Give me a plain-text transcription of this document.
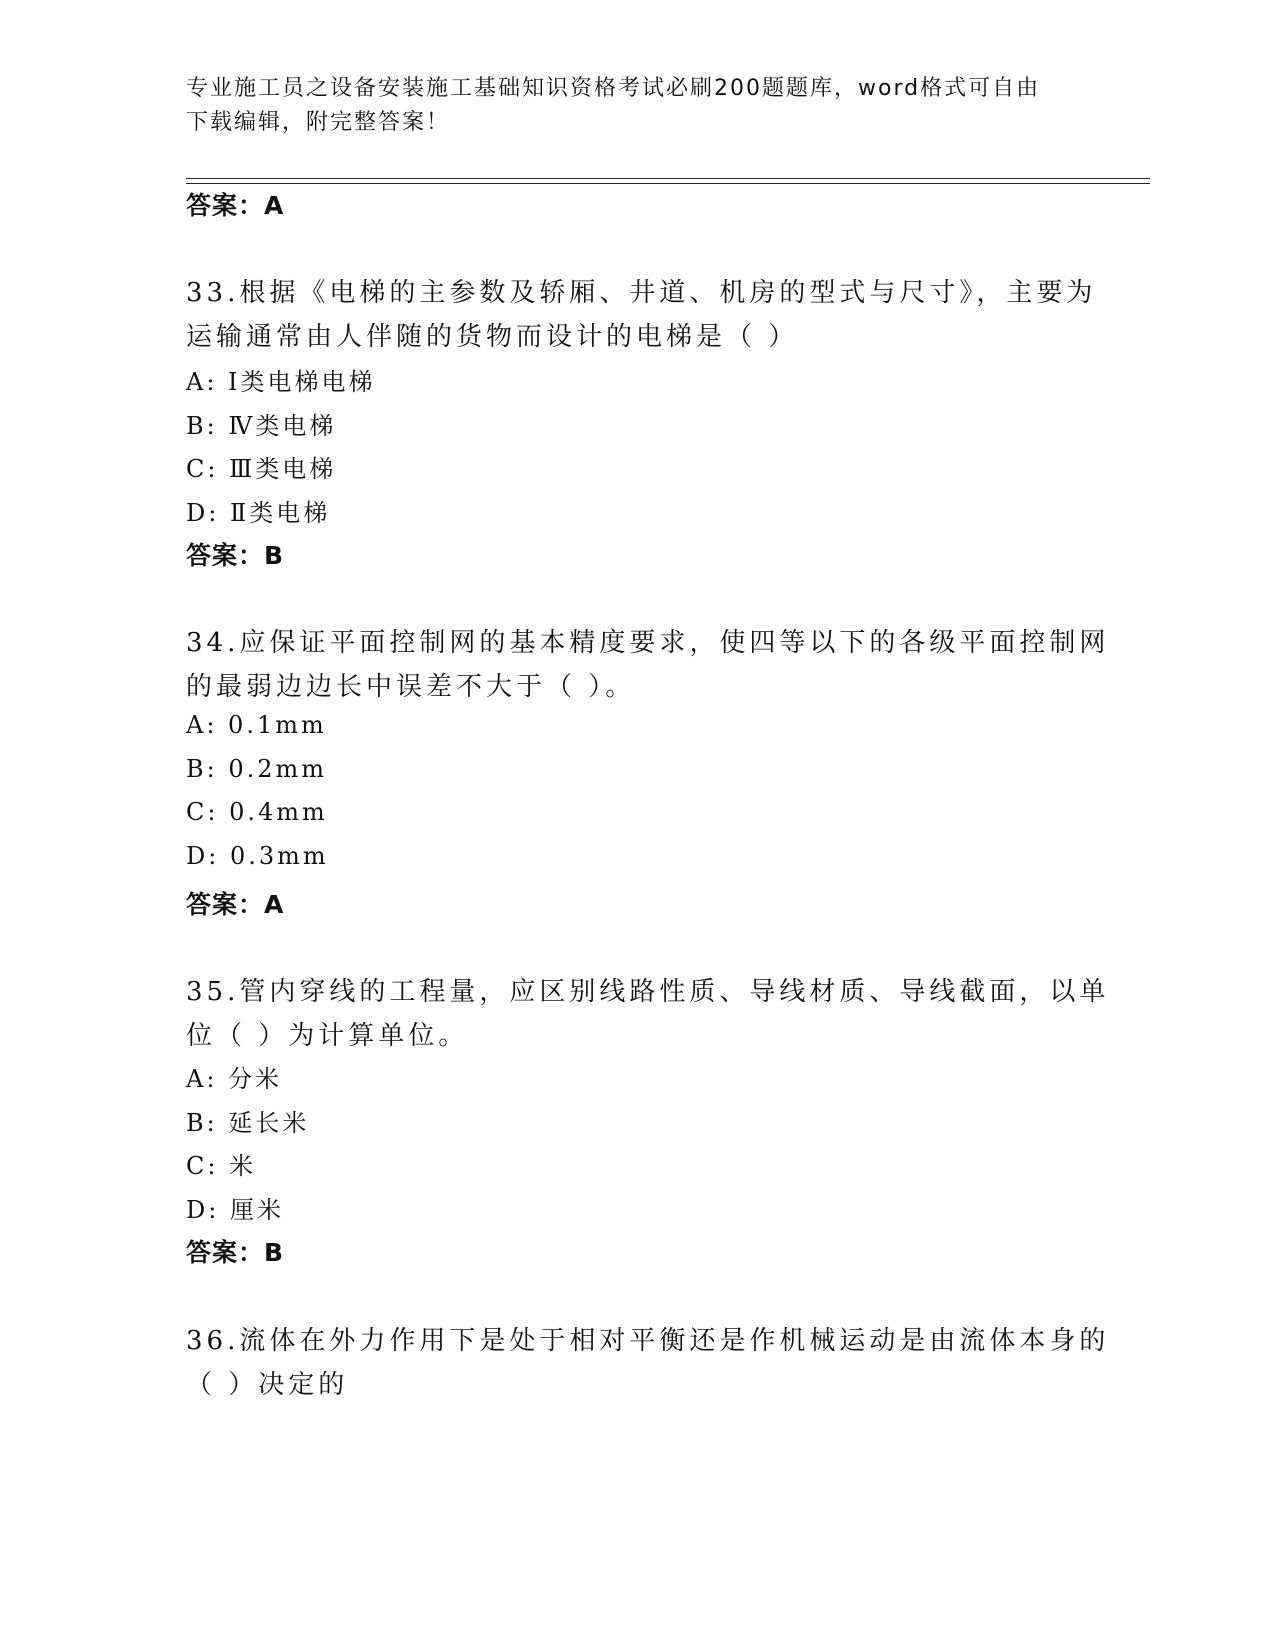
专业施工员之设备安装施工基础知识资格考试必刷200题题库，word格式可自由
下载编辑，附完整答案！
答案：A
33.根据《电梯的主参数及轿厢、井道、机房的型式与尺寸》，主要为
运输通常由人伴随的货物而设计的电梯是（ ）
A: Ⅰ类电梯电梯
B: Ⅳ类电梯
C: Ⅲ类电梯
D: Ⅱ类电梯
答案：B
34.应保证平面控制网的基本精度要求，使四等以下的各级平面控制网
的最弱边边长中误差不大于（ ）。
A: 0.1mm
B: 0.2mm
C: 0.4mm
D: 0.3mm
答案：A
35.管内穿线的工程量，应区别线路性质、导线材质、导线截面，以单
位（ ）为计算单位。
A: 分米
B: 延长米
C: 米
D: 厘米
答案：B
36.流体在外力作用下是处于相对平衡还是作机械运动是由流体本身的
（ ）决定的
